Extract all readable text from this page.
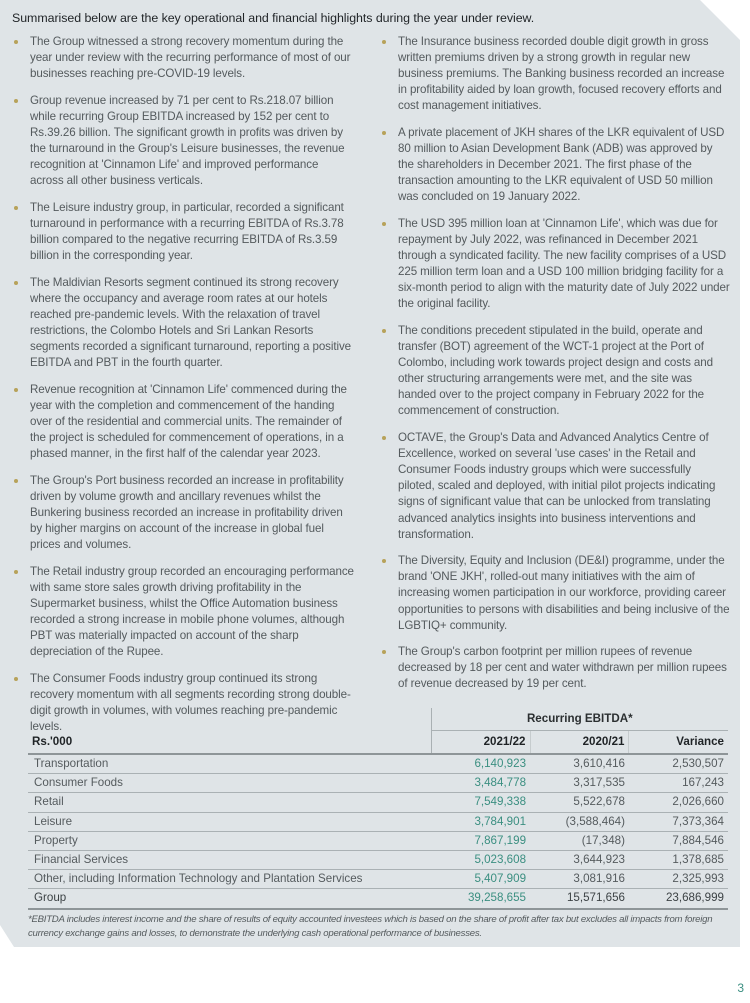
Summarised below are the key operational and financial highlights during the year under review.
The Group witnessed a strong recovery momentum during the year under review with the recurring performance of most of our businesses reaching pre-COVID-19 levels.
Group revenue increased by 71 per cent to Rs.218.07 billion while recurring Group EBITDA increased by 152 per cent to Rs.39.26 billion. The significant growth in profits was driven by the turnaround in the Group's Leisure businesses, the revenue recognition at 'Cinnamon Life' and improved performance across all other business verticals.
The Leisure industry group, in particular, recorded a significant turnaround in performance with a recurring EBITDA of Rs.3.78 billion compared to the negative recurring EBITDA of Rs.3.59 billion in the corresponding year.
The Maldivian Resorts segment continued its strong recovery where the occupancy and average room rates at our hotels reached pre-pandemic levels. With the relaxation of travel restrictions, the Colombo Hotels and Sri Lankan Resorts segments recorded a significant turnaround, reporting a positive EBITDA and PBT in the fourth quarter.
Revenue recognition at 'Cinnamon Life' commenced during the year with the completion and commencement of the handing over of the residential and commercial units. The remainder of the project is scheduled for commencement of operations, in a phased manner, in the first half of the calendar year 2023.
The Group's Port business recorded an increase in profitability driven by volume growth and ancillary revenues whilst the Bunkering business recorded an increase in profitability driven by higher margins on account of the increase in global fuel prices and volumes.
The Retail industry group recorded an encouraging performance with same store sales growth driving profitability in the Supermarket business, whilst the Office Automation business recorded a strong increase in mobile phone volumes, although PBT was materially impacted on account of the sharp depreciation of the Rupee.
The Consumer Foods industry group continued its strong recovery momentum with all segments recording strong double-digit growth in volumes, with volumes reaching pre-pandemic levels.
The Insurance business recorded double digit growth in gross written premiums driven by a strong growth in regular new business premiums. The Banking business recorded an increase in profitability aided by loan growth, focused recovery efforts and cost management initiatives.
A private placement of JKH shares of the LKR equivalent of USD 80 million to Asian Development Bank (ADB) was approved by the shareholders in December 2021. The first phase of the transaction amounting to the LKR equivalent of USD 50 million was concluded on 19 January 2022.
The USD 395 million loan at 'Cinnamon Life', which was due for repayment by July 2022, was refinanced in December 2021 through a syndicated facility. The new facility comprises of a USD 225 million term loan and a USD 100 million bridging facility for a six-month period to align with the maturity date of July 2022 under the original facility.
The conditions precedent stipulated in the build, operate and transfer (BOT) agreement of the WCT-1 project at the Port of Colombo, including work towards project design and costs and other structuring arrangements were met, and the site was handed over to the project company in February 2022 for the commencement of construction.
OCTAVE, the Group's Data and Advanced Analytics Centre of Excellence, worked on several 'use cases' in the Retail and Consumer Foods industry groups which were successfully piloted, scaled and deployed, with initial pilot projects indicating signs of significant value that can be unlocked from translating advanced analytics insights into business interventions and transformation.
The Diversity, Equity and Inclusion (DE&I) programme, under the brand 'ONE JKH', rolled-out many initiatives with the aim of increasing women participation in our workforce, providing career opportunities to persons with disabilities and being inclusive of the LGBTIQ+ community.
The Group's carbon footprint per million rupees of revenue decreased by 18 per cent and water withdrawn per million rupees of revenue decreased by 19 per cent.
	Recurring EBITDA*		
Rs.'000	2021/22	2020/21	Variance
Transportation	6,140,923	3,610,416	2,530,507
Consumer Foods	3,484,778	3,317,535	167,243
Retail	7,549,338	5,522,678	2,026,660
Leisure	3,784,901	(3,588,464)	7,373,364
Property	7,867,199	(17,348)	7,884,546
Financial Services	5,023,608	3,644,923	1,378,685
Other, including Information Technology and Plantation Services	5,407,909	3,081,916	2,325,993
Group	39,258,655	15,571,656	23,686,999
*EBITDA includes interest income and the share of results of equity accounted investees which is based on the share of profit after tax but excludes all impacts from foreign currency exchange gains and losses, to demonstrate the underlying cash operational performance of businesses.
3
